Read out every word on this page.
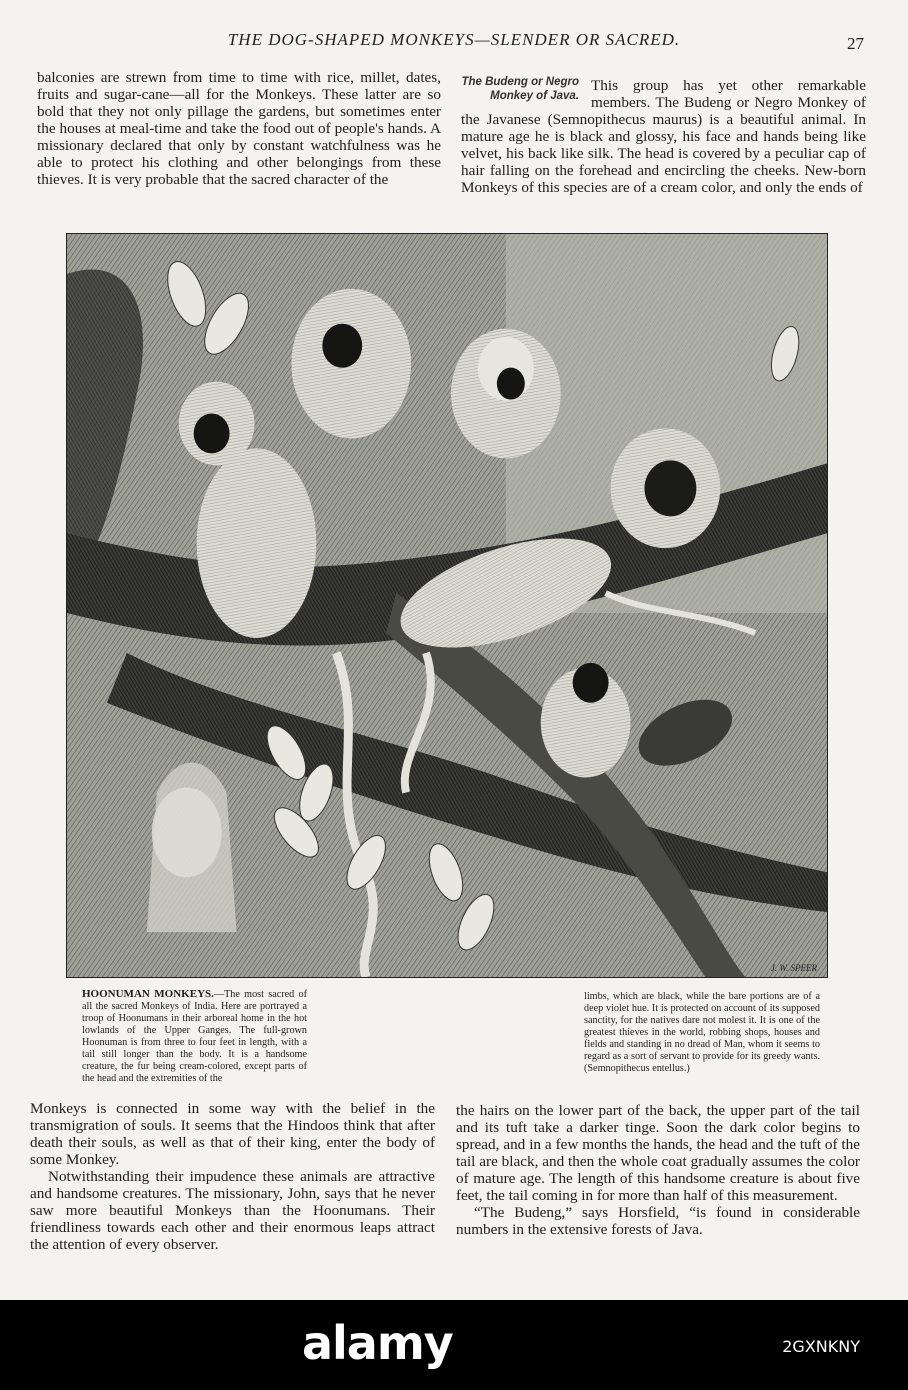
THE DOG-SHAPED MONKEYS—SLENDER OR SACRED.	27

balconies are strewn from time to time with rice, millet, dates, fruits and sugar-cane—all for the Monkeys. These latter are so bold that they not only pillage the gardens, but sometimes enter the houses at meal-time and take the food out of people's hands. A missionary declared that only by constant watchfulness was he able to protect his clothing and other belongings from these thieves. It is very probable that the sacred character of the

The Budeng or Negro Monkey of Java.

This group has yet other remarkable members. The Budeng or Negro Monkey of the Javanese (Semnopithecus maurus) is a beautiful animal. In mature age he is black and glossy, his face and hands being like velvet, his back like silk. The head is covered by a peculiar cap of hair falling on the forehead and encircling the cheeks. New-born Monkeys of this species are of a cream color, and only the ends of

J. W. SPEER
HOONUMAN MONKEYS.—The most sacred of all the sacred Monkeys of India. Here are portrayed a troop of Hoonumans in their arboreal home in the hot lowlands of the Upper Ganges. The full-grown Hoonuman is from three to four feet in length, with a tail still longer than the body. It is a handsome creature, the fur being cream-colored, except parts of the head and the extremities of the
limbs, which are black, while the bare portions are of a deep violet hue. It is protected on account of its supposed sanctity, for the natives dare not molest it. It is one of the greatest thieves in the world, robbing shops, houses and fields and standing in no dread of Man, whom it seems to regard as a sort of servant to provide for its greedy wants. (Semnopithecus entellus.)

Monkeys is connected in some way with the belief in the transmigration of souls. It seems that the Hindoos think that after death their souls, as well as that of their king, enter the body of some Monkey.

Notwithstanding their impudence these animals are attractive and handsome creatures. The missionary, John, says that he never saw more beautiful Monkeys than the Hoonumans. Their friendliness towards each other and their enormous leaps attract the attention of every observer.

the hairs on the lower part of the back, the upper part of the tail and its tuft take a darker tinge. Soon the dark color begins to spread, and in a few months the hands, the head and the tuft of the tail are black, and then the whole coat gradually assumes the color of mature age. The length of this handsome creature is about five feet, the tail coming in for more than half of this measurement.

“The Budeng,” says Horsfield, “is found in considerable numbers in the extensive forests of Java.

alamy	2GXNKNY
